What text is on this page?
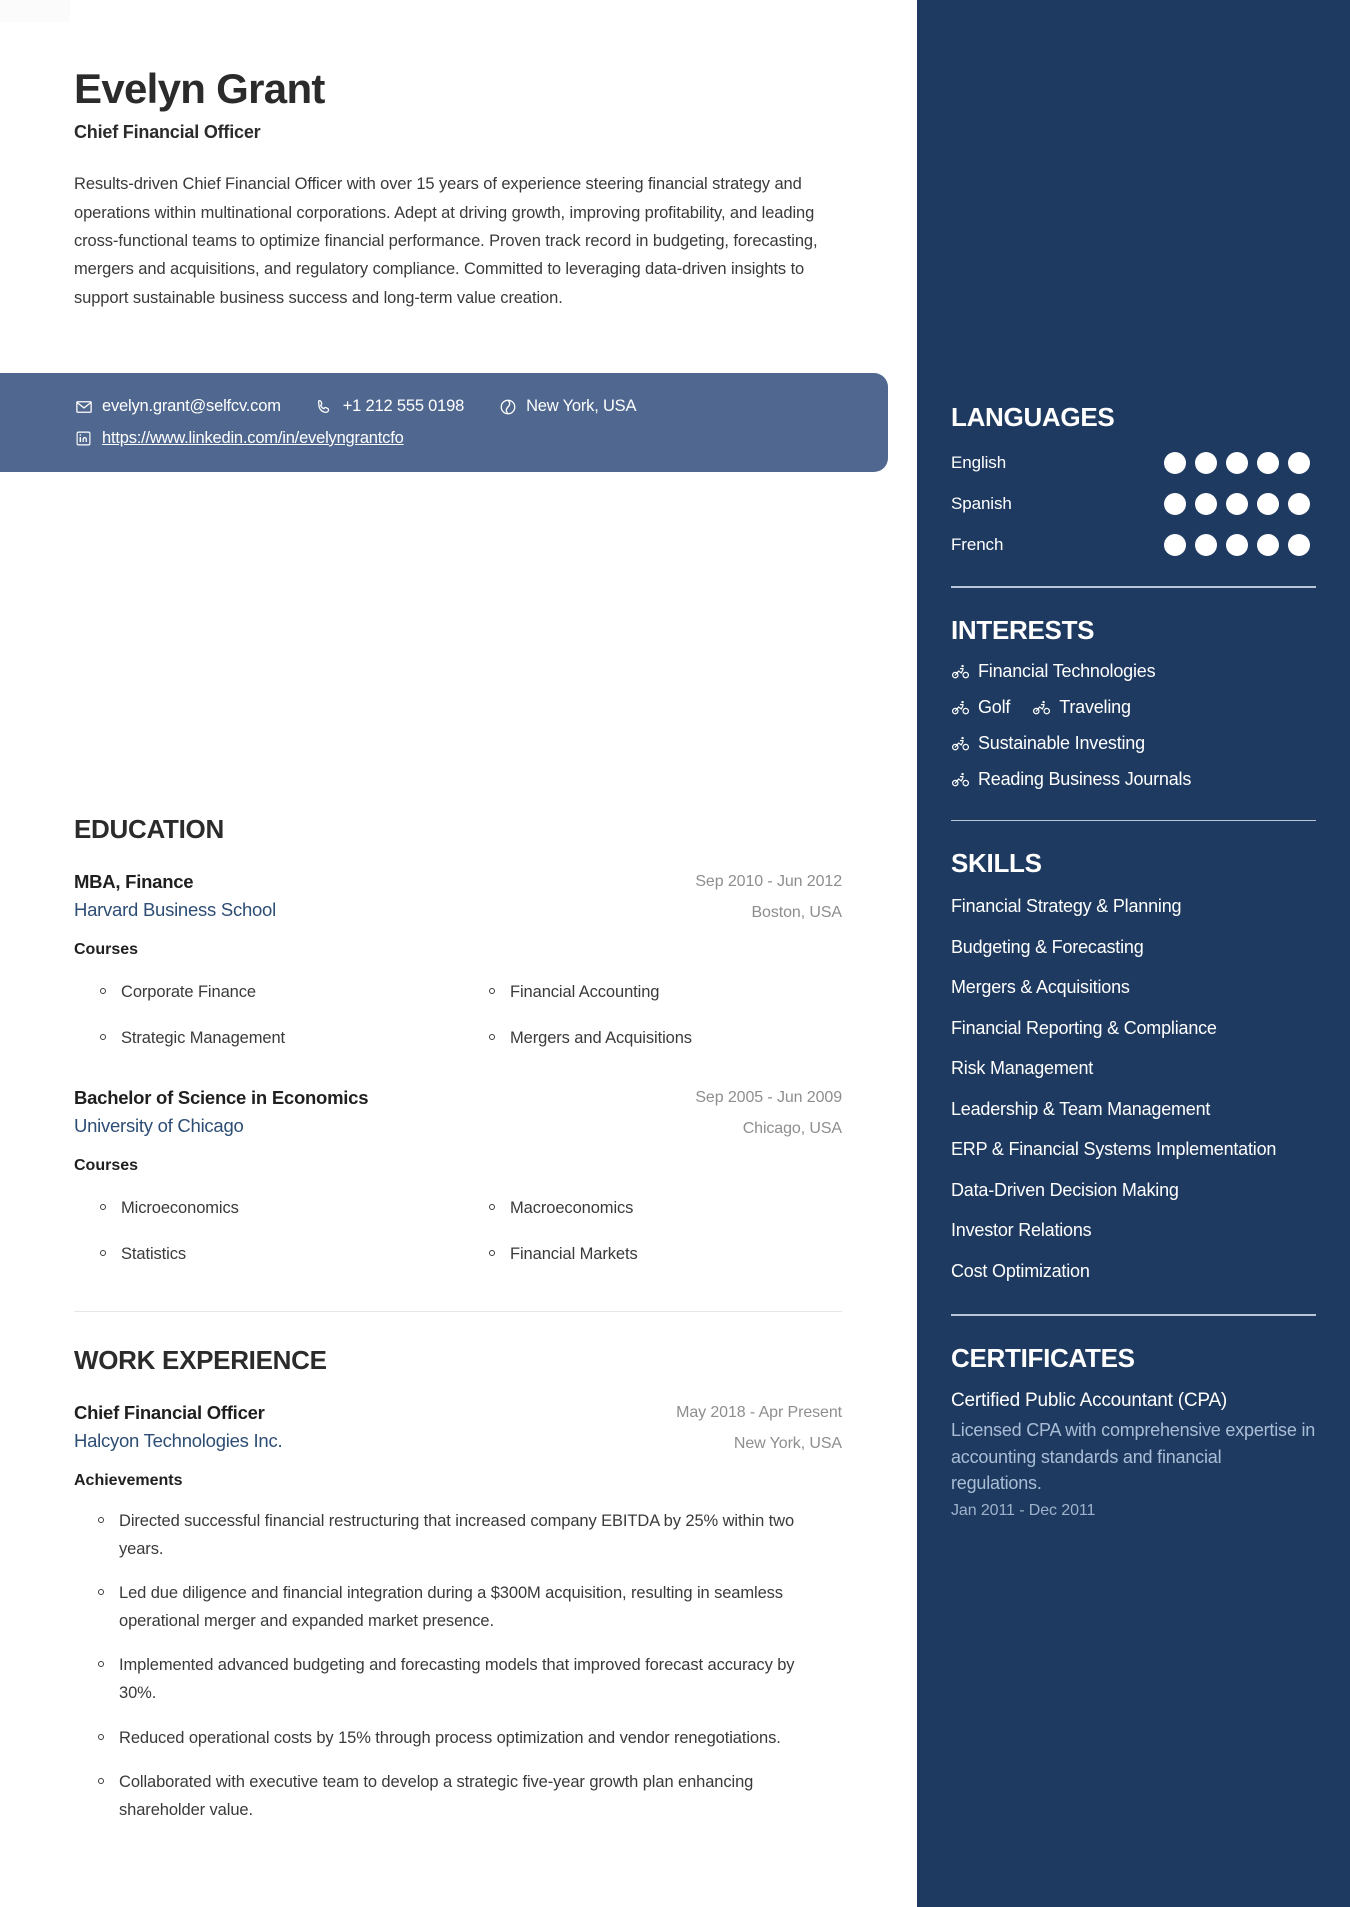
LANGUAGES
English
Spanish
French
INTERESTS
Financial Technologies
Golf	Traveling
Sustainable Investing
Reading Business Journals
SKILLS
Financial Strategy & Planning
Budgeting & Forecasting
Mergers & Acquisitions
Financial Reporting & Compliance
Risk Management
Leadership & Team Management
ERP & Financial Systems Implementation
Data-Driven Decision Making
Investor Relations
Cost Optimization
CERTIFICATES
Certified Public Accountant (CPA)
Licensed CPA with comprehensive expertise in accounting standards and financial regulations.
Jan 2011 - Dec 2011
Evelyn Grant
Chief Financial Officer

Results-driven Chief Financial Officer with over 15 years of experience steering financial strategy and operations within multinational corporations. Adept at driving growth, improving profitability, and leading cross-functional teams to optimize financial performance. Proven track record in budgeting, forecasting, mergers and acquisitions, and regulatory compliance. Committed to leveraging data-driven insights to support sustainable business success and long-term value creation.

EDUCATION
MBA, Finance
Harvard Business School
Sep 2010 - Jun 2012
Boston, USA
Courses
Corporate Finance	Financial Accounting
Strategic Management	Mergers and Acquisitions
Bachelor of Science in Economics
University of Chicago
Sep 2005 - Jun 2009
Chicago, USA
Courses
Microeconomics	Macroeconomics
Statistics	Financial Markets
WORK EXPERIENCE
Chief Financial Officer
Halcyon Technologies Inc.
May 2018 - Apr Present
New York, USA
Achievements
Directed successful financial restructuring that increased company EBITDA by 25% within two years.
Led due diligence and financial integration during a $300M acquisition, resulting in seamless operational merger and expanded market presence.
Implemented advanced budgeting and forecasting models that improved forecast accuracy by 30%.
Reduced operational costs by 15% through process optimization and vendor renegotiations.
Collaborated with executive team to develop a strategic five-year growth plan enhancing shareholder value.
evelyn.grant@selfcv.com	+1 212 555 0198	New York, USA
https://www.linkedin.com/in/evelyngrantcfo
